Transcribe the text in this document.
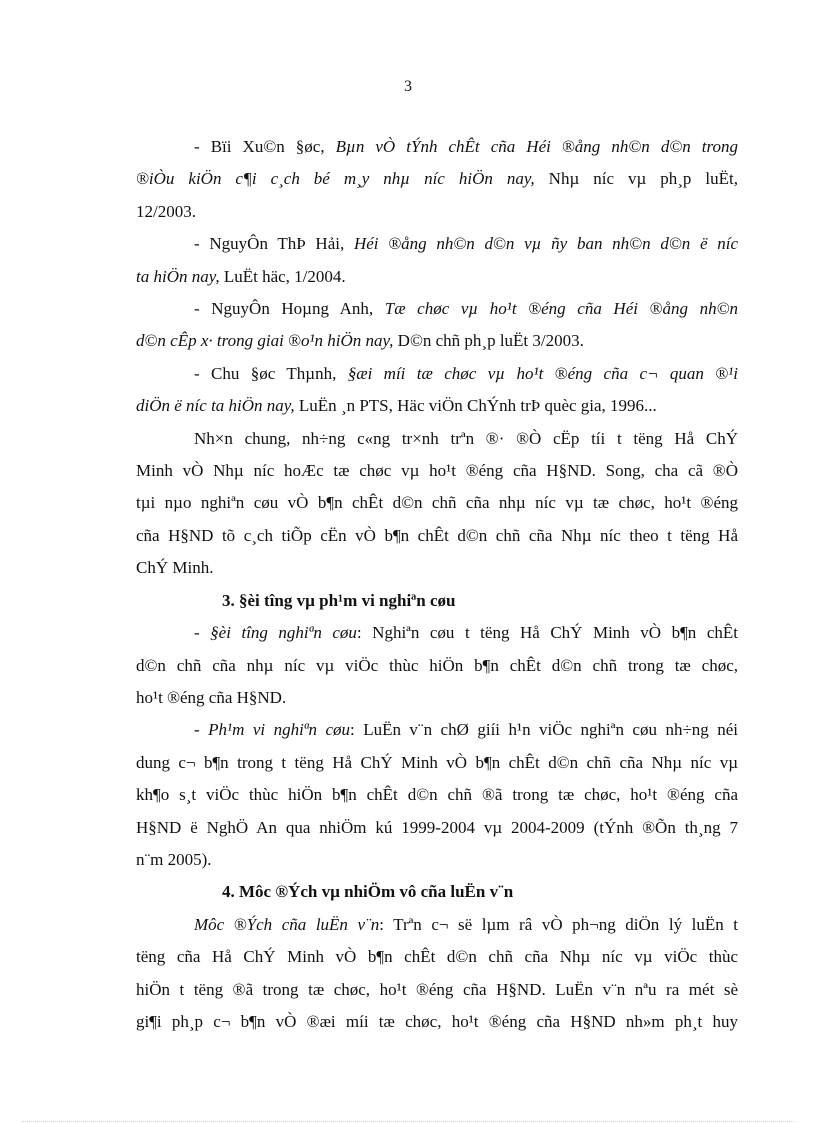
3

- Bïi Xu©n §øc, Bµn vÒ tÝnh chÊt cña Héi ®ång nh©n d©n trong

®iÒu kiÖn c¶i c¸ch bé m¸y nhµ níc hiÖn nay, Nhµ níc vµ ph¸p luËt,

12/2003.

- NguyÔn ThÞ Hải, Héi ®ång nh©n d©n vµ ñy ban nh©n d©n ë níc

ta hiÖn nay, LuËt häc, 1/2004.

- NguyÔn Hoµng Anh, Tæ chøc vµ ho¹t ®éng cña Héi ®ång nh©n

d©n cÊp x· trong giai ®o¹n hiÖn nay, D©n chñ ph¸p luËt 3/2003.

- Chu §øc Thµnh, §æi míi tæ chøc vµ ho¹t ®éng cña c¬ quan ®¹i

diÖn ë níc ta hiÖn nay, LuËn ¸n PTS, Häc viÖn ChÝnh trÞ quèc gia, 1996...

Nh×n chung, nh÷ng c«ng tr×nh trªn ®· ®Ò cËp tíi t tëng Hå ChÝ

Minh vÒ Nhµ níc hoÆc tæ chøc vµ ho¹t ®éng cña H§ND. Song, cha cã ®Ò

tµi nµo nghiªn cøu vÒ b¶n chÊt d©n chñ cña nhµ níc vµ tæ chøc, ho¹t ®éng

cña H§ND tõ c¸ch tiÕp cËn vÒ b¶n chÊt d©n chñ cña Nhµ níc theo t tëng Hå

ChÝ Minh.

3. §èi tîng vµ ph¹m vi nghiªn cøu

- §èi tîng nghiªn cøu: Nghiªn cøu t tëng Hå ChÝ Minh vÒ b¶n chÊt

d©n chñ cña nhµ níc vµ viÖc thùc hiÖn b¶n chÊt d©n chñ trong tæ chøc,

ho¹t ®éng cña H§ND.

- Ph¹m vi nghiªn cøu: LuËn v¨n chØ giíi h¹n viÖc nghiªn cøu nh÷ng néi

dung c¬ b¶n trong t tëng Hå ChÝ Minh vÒ b¶n chÊt d©n chñ cña Nhµ níc vµ

kh¶o s¸t viÖc thùc hiÖn b¶n chÊt d©n chñ ®ã trong tæ chøc, ho¹t ®éng cña

H§ND ë NghÖ An qua nhiÖm kú 1999-2004 vµ 2004-2009 (tÝnh ®Õn th¸ng 7

n¨m 2005).

4. Môc ®Ých vµ nhiÖm vô cña luËn v¨n

Môc ®Ých cña luËn v¨n: Trªn c¬ së lµm râ vÒ ph¬ng diÖn lý luËn t

tëng cña Hå ChÝ Minh vÒ b¶n chÊt d©n chñ cña Nhµ níc vµ viÖc thùc

hiÖn t tëng ®ã trong tæ chøc, ho¹t ®éng cña H§ND. LuËn v¨n nªu ra mét sè

gi¶i ph¸p c¬ b¶n vÒ ®æi míi tæ chøc, ho¹t ®éng cña H§ND nh»m ph¸t huy
